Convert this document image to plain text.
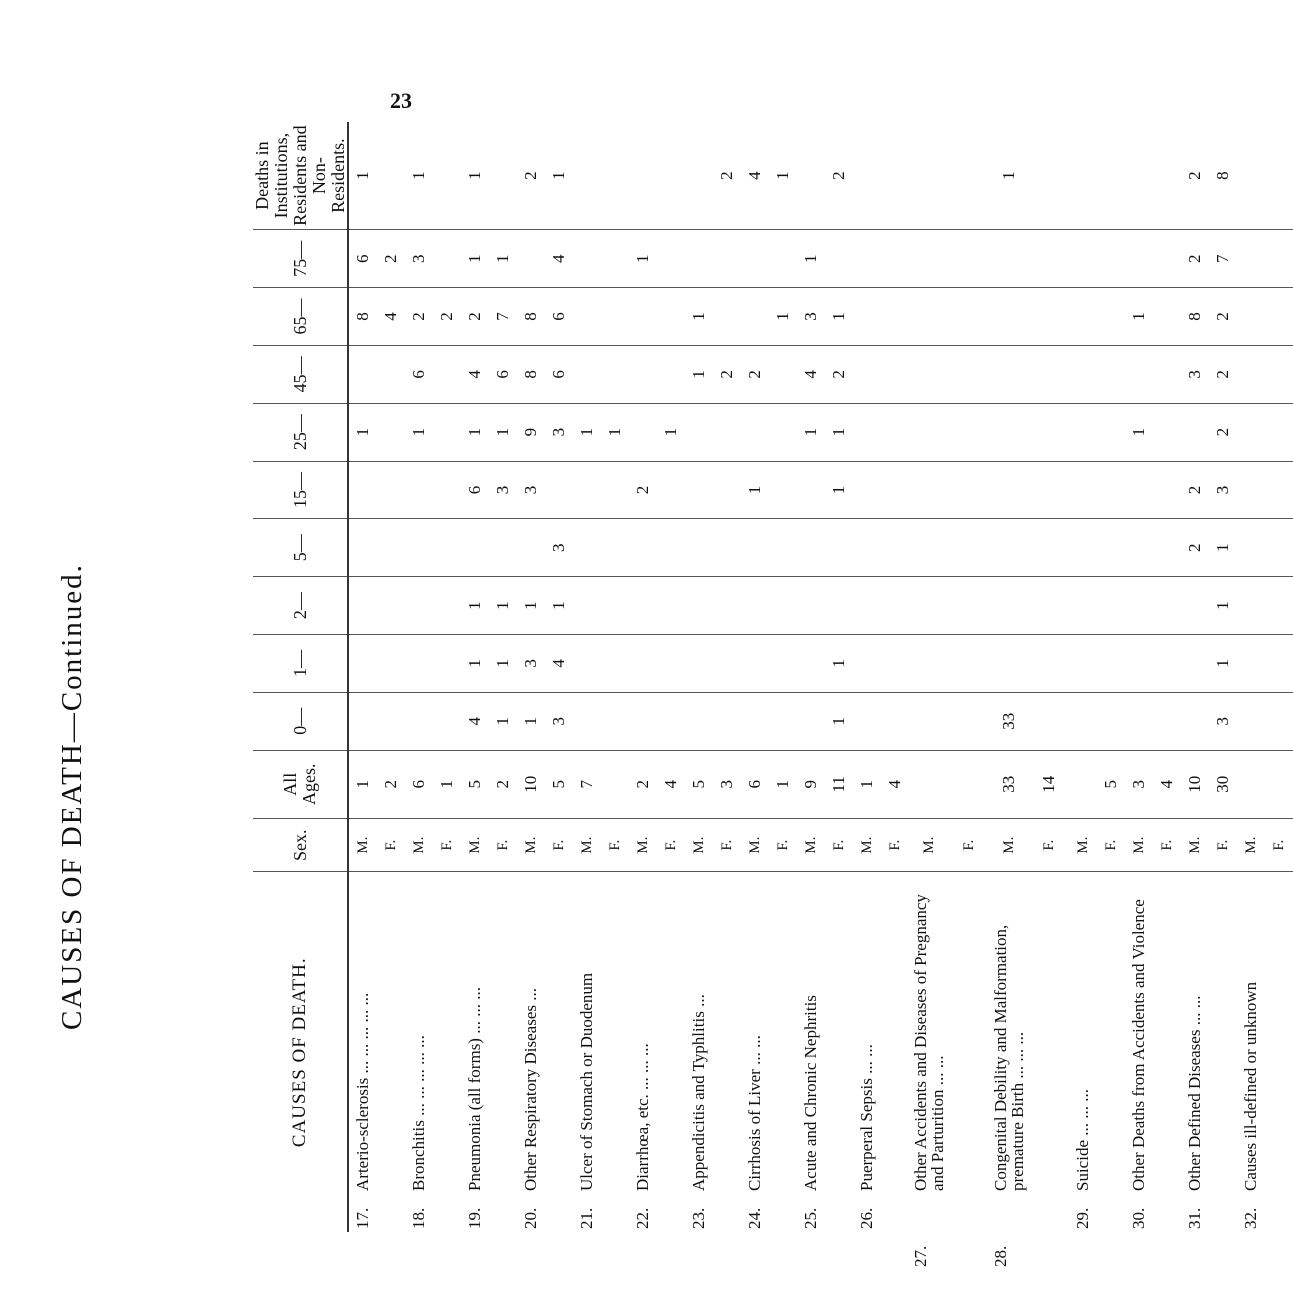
23
CAUSES OF DEATH—Continued.
CAUSES OF DEATH.	Sex.	All Ages.	0—	1—	2—	5—	15—	25—	45—	65—	75—	Deaths in Institutions, Residents and Non-Residents.
17.Arterio-sclerosis ... ... ... ... ...	M.	1						1		8	6	1
	F.	2								4	2	
18.Bronchitis ... ... ... ... ...	M.	6						1	6	2	3	1
	F.	1								2		
19.Pneumonia (all forms) ... ... ...	M.	5	4	1	1		6	1	4	2	1	1
	F.	2	1	1	1		3	1	6	7	1	
20.Other Respiratory Diseases ...	M.	10	1	3	1		3	9	8	8		2
	F.	5	3	4	1	3		3	6	6	4	1
21.Ulcer of Stomach or Duodenum	M.	7						1				
	F.							1				
22.Diarrhœa, etc. ... ... ...	M.	2					2				1	
	F.	4						1				
23.Appendicitis and Typhlitis ...	M.	5							1	1		
	F.	3							2			2
24.Cirrhosis of Liver ... ...	M.	6					1		2			4
	F.	1								1		1
25.Acute and Chronic Nephritis	M.	9						1	4	3	1	
	F.	11	1	1			1	1	2	1		2
26.Puerperal Sepsis ... ...	M.	1										
	F.	4										
27.Other Accidents and Diseases of Pregnancy and Parturition ... ...	M.											
	F.											
28.Congenital Debility and Malformation, premature Birth ... ... ...	M.	33	33									1
	F.	14										
29.Suicide ... ... ...	M.											
	F.	5										
30.Other Deaths from Accidents and Violence	M.	3						1		1		
	F.	4										
31.Other Defined Diseases ... ...	M.	10				2	2		3	8	2	2
	F.	30	3	1	1	1	3	2	2	2	7	8
32.Causes ill-defined or unknown	M.											
	F.											
